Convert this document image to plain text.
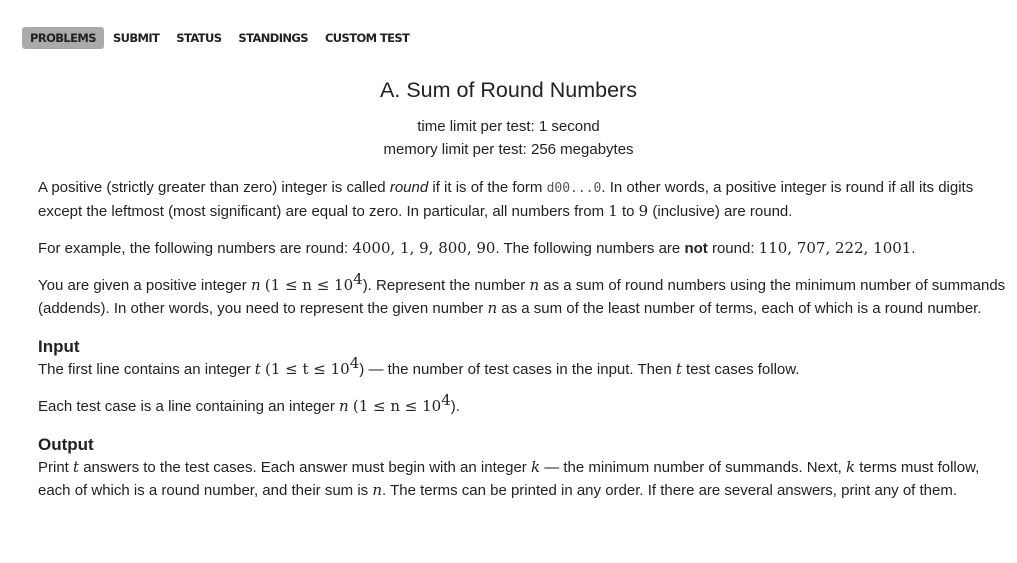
PROBLEMS	SUBMIT	STATUS	STANDINGS	CUSTOM TEST
A. Sum of Round Numbers
time limit per test: 1 second
memory limit per test: 256 megabytes

A positive (strictly greater than zero) integer is called round if it is of the form d00...0. In other words, a positive integer is round if all its digits except the leftmost (most significant) are equal to zero. In particular, all numbers from 1 to 9 (inclusive) are round.

For example, the following numbers are round: 4000, 1, 9, 800, 90. The following numbers are not round: 110, 707, 222, 1001.

You are given a positive integer n $(1 \le n \le 10^4)$. Represent the number n as a sum of round numbers using the minimum number of summands (addends). In other words, you need to represent the given number n as a sum of the least number of terms, each of which is a round number.

Input

The first line contains an integer t $(1 \le t \le 10^4)$ — the number of test cases in the input. Then t test cases follow.

Each test case is a line containing an integer n $(1 \le n \le 10^4)$.

Output

Print t answers to the test cases. Each answer must begin with an integer k — the minimum number of summands. Next, k terms must follow, each of which is a round number, and their sum is n. The terms can be printed in any order. If there are several answers, print any of them.
